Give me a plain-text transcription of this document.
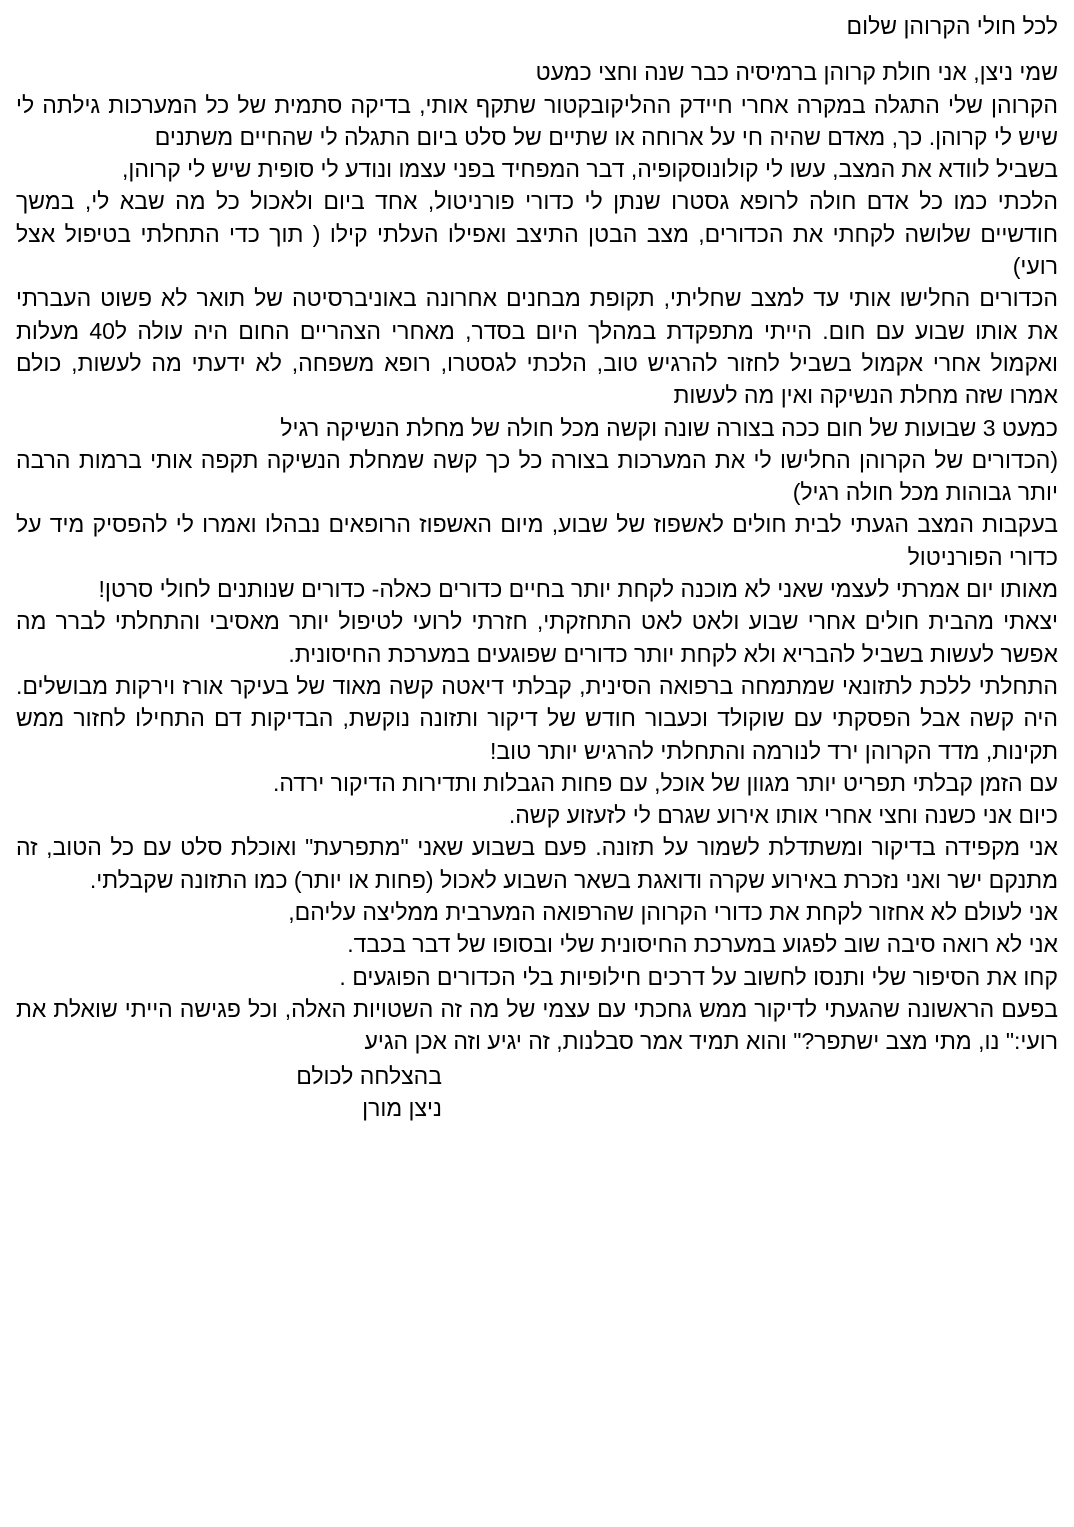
לכל חולי הקרוהן שלום

שמי ניצן, אני חולת קרוהן ברמיסיה כבר שנה וחצי כמעט

הקרוהן שלי התגלה במקרה אחרי חיידק ההליקובקטור שתקף אותי, בדיקה סתמית של כל המערכות גילתה לי שיש לי קרוהן. כך, מאדם שהיה חי על ארוחה או שתיים של סלט ביום התגלה לי שהחיים משתנים

בשביל לוודא את המצב, עשו לי קולונוסקופיה, דבר המפחיד בפני עצמו ונודע לי סופית שיש לי קרוהן,

הלכתי כמו כל אדם חולה לרופא גסטרו שנתן לי כדורי פורניטול, אחד ביום ולאכול כל מה שבא לי, במשך חודשיים שלושה לקחתי את הכדורים, מצב הבטן התיצב ואפילו העלתי קילו ( תוך כדי התחלתי בטיפול אצל רועי)

הכדורים החלישו אותי עד למצב שחליתי, תקופת מבחנים אחרונה באוניברסיטה של תואר לא פשוט העברתי את אותו שבוע עם חום. הייתי מתפקדת במהלך היום בסדר, מאחרי הצהריים החום היה עולה ל40 מעלות ואקמול אחרי אקמול בשביל לחזור להרגיש טוב, הלכתי לגסטרו, רופא משפחה, לא ידעתי מה לעשות, כולם אמרו שזה מחלת הנשיקה ואין מה לעשות

כמעט 3 שבועות של חום ככה בצורה שונה וקשה מכל חולה של מחלת הנשיקה רגיל

(הכדורים של הקרוהן החלישו לי את המערכות בצורה כל כך קשה שמחלת הנשיקה תקפה אותי ברמות הרבה יותר גבוהות מכל חולה רגיל)

בעקבות המצב הגעתי לבית חולים לאשפוז של שבוע, מיום האשפוז הרופאים נבהלו ואמרו לי להפסיק מיד על כדורי הפורניטול

מאותו יום אמרתי לעצמי שאני לא מוכנה לקחת יותר בחיים כדורים כאלה- כדורים שנותנים לחולי סרטן!

יצאתי מהבית חולים אחרי שבוע ולאט לאט התחזקתי, חזרתי לרועי לטיפול יותר מאסיבי והתחלתי לברר מה אפשר לעשות בשביל להבריא ולא לקחת יותר כדורים שפוגעים במערכת החיסונית.

התחלתי ללכת לתזונאי שמתמחה ברפואה הסינית, קבלתי דיאטה קשה מאוד של בעיקר אורז וירקות מבושלים. היה קשה אבל הפסקתי עם שוקולד וכעבור חודש של דיקור ותזונה נוקשת, הבדיקות דם התחילו לחזור ממש תקינות, מדד הקרוהן ירד לנורמה והתחלתי להרגיש יותר טוב!

עם הזמן קבלתי תפריט יותר מגוון של אוכל, עם פחות הגבלות ותדירות הדיקור ירדה.

כיום אני כשנה וחצי אחרי אותו אירוע שגרם לי לזעזוע קשה.

אני מקפידה בדיקור ומשתדלת לשמור על תזונה. פעם בשבוע שאני "מתפרעת" ואוכלת סלט עם כל הטוב, זה מתנקם ישר ואני נזכרת באירוע שקרה ודואגת בשאר השבוע לאכול (פחות או יותר) כמו התזונה שקבלתי.

אני לעולם לא אחזור לקחת את כדורי הקרוהן שהרפואה המערבית ממליצה עליהם,

אני לא רואה סיבה שוב לפגוע במערכת החיסונית שלי ובסופו של דבר בכבד.

קחו את הסיפור שלי ותנסו לחשוב על דרכים חילופיות בלי הכדורים הפוגעים .

בפעם הראשונה שהגעתי לדיקור ממש גחכתי עם עצמי של מה זה השטויות האלה, וכל פגישה הייתי שואלת את רועי:" נו, מתי מצב ישתפר?" והוא תמיד אמר סבלנות, זה יגיע וזה אכן הגיע

בהצלחה לכולם
ניצן מורן
